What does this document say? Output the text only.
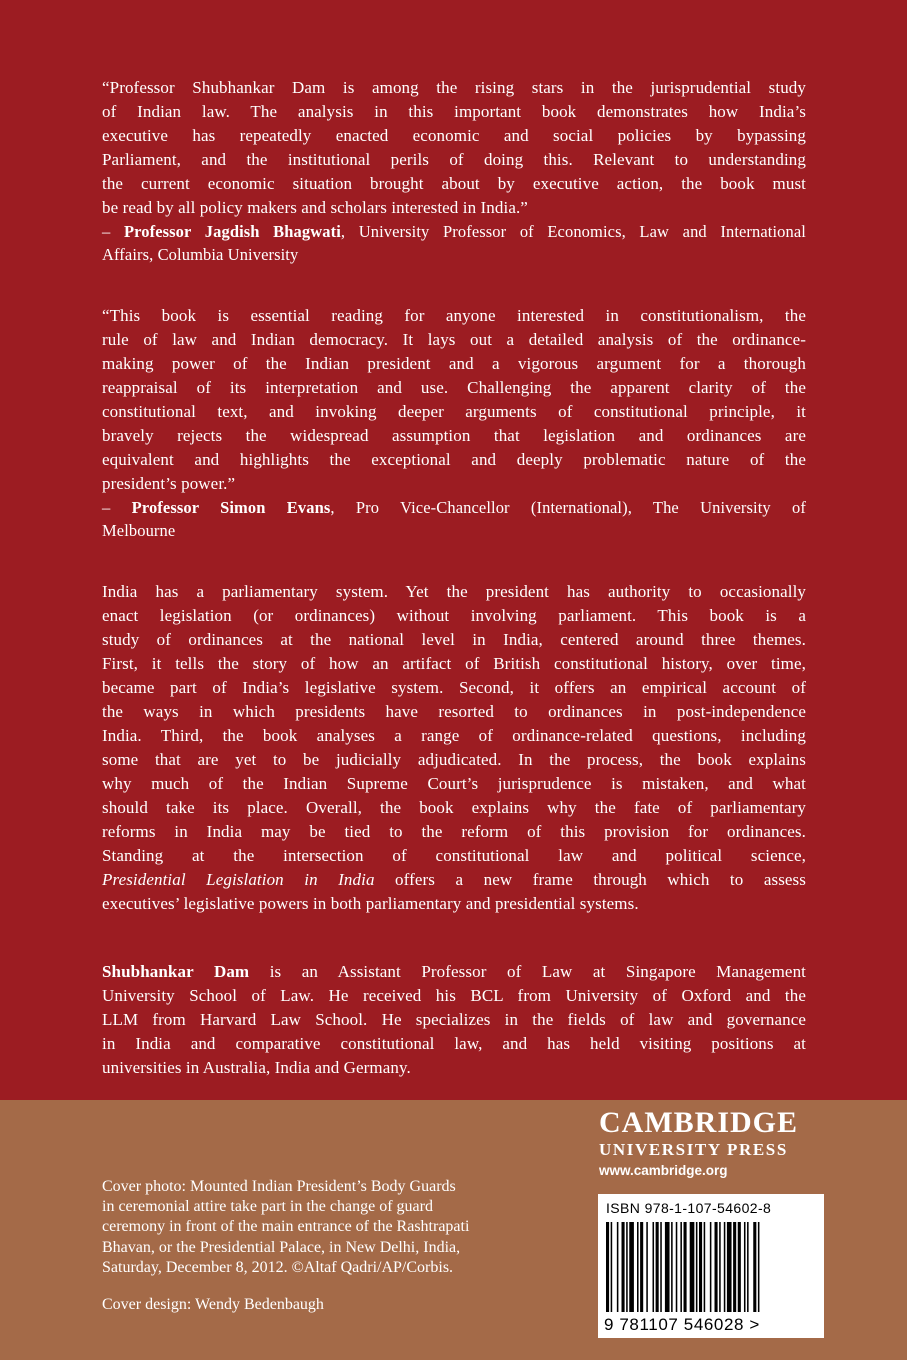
“Professor Shubhankar Dam is among the rising stars in the jurisprudential study
of Indian law. The analysis in this important book demonstrates how India’s
executive has repeatedly enacted economic and social policies by bypassing
Parliament, and the institutional perils of doing this. Relevant to understanding
the current economic situation brought about by executive action, the book must
be read by all policy makers and scholars interested in India.”
– Professor Jagdish Bhagwati, University Professor of Economics, Law and International
Affairs, Columbia University
“This book is essential reading for anyone interested in constitutionalism, the
rule of law and Indian democracy. It lays out a detailed analysis of the ordinance-
making power of the Indian president and a vigorous argument for a thorough
reappraisal of its interpretation and use. Challenging the apparent clarity of the
constitutional text, and invoking deeper arguments of constitutional principle, it
bravely rejects the widespread assumption that legislation and ordinances are
equivalent and highlights the exceptional and deeply problematic nature of the
president’s power.”
– Professor Simon Evans, Pro Vice-Chancellor (International), The University of
Melbourne
India has a parliamentary system. Yet the president has authority to occasionally
enact legislation (or ordinances) without involving parliament. This book is a
study of ordinances at the national level in India, centered around three themes.
First, it tells the story of how an artifact of British constitutional history, over time,
became part of India’s legislative system. Second, it offers an empirical account of
the ways in which presidents have resorted to ordinances in post-independence
India. Third, the book analyses a range of ordinance-related questions, including
some that are yet to be judicially adjudicated. In the process, the book explains
why much of the Indian Supreme Court’s jurisprudence is mistaken, and what
should take its place. Overall, the book explains why the fate of parliamentary
reforms in India may be tied to the reform of this provision for ordinances.
Standing at the intersection of constitutional law and political science,
Presidential Legislation in India offers a new frame through which to assess
executives’ legislative powers in both parliamentary and presidential systems.
Shubhankar Dam is an Assistant Professor of Law at Singapore Management
University School of Law. He received his BCL from University of Oxford and the
LLM from Harvard Law School. He specializes in the fields of law and governance
in India and comparative constitutional law, and has held visiting positions at
universities in Australia, India and Germany.
CAMBRIDGE
UNIVERSITY PRESS
www.cambridge.org
ISBN 978-1-107-54602-8
9 781107 546028 >
Cover photo: Mounted Indian President’s Body Guards
in ceremonial attire take part in the change of guard
ceremony in front of the main entrance of the Rashtrapati
Bhavan, or the Presidential Palace, in New Delhi, India,
Saturday, December 8, 2012. ©Altaf Qadri/AP/Corbis.
Cover design: Wendy Bedenbaugh
